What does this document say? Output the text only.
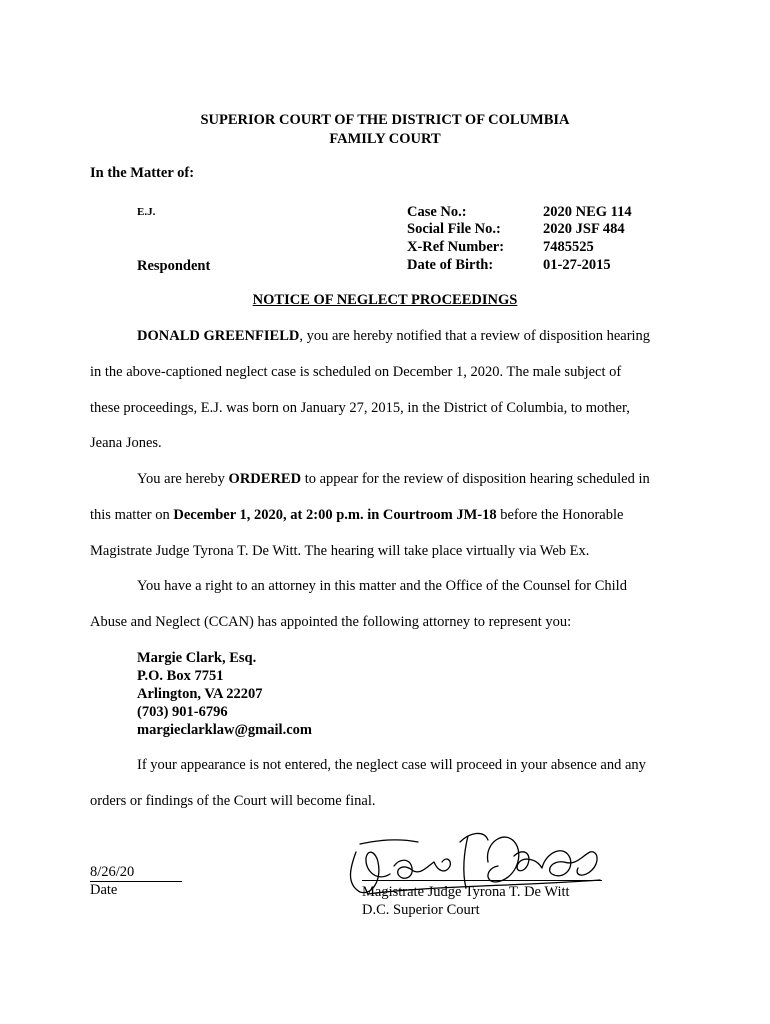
SUPERIOR COURT OF THE DISTRICT OF COLUMBIA
FAMILY COURT
In the Matter of:
E.J.
Respondent
Case No.:	2020 NEG 114
Social File No.:	2020 JSF 484
X-Ref Number:	7485525
Date of Birth:	01-27-2015
NOTICE OF NEGLECT PROCEEDINGS
DONALD GREENFIELD, you are hereby notified that a review of disposition hearing
in the above-captioned neglect case is scheduled on December 1, 2020. The male subject of
these proceedings, E.J. was born on January 27, 2015, in the District of Columbia, to mother,
Jeana Jones.
You are hereby ORDERED to appear for the review of disposition hearing scheduled in
this matter on December 1, 2020, at 2:00 p.m. in Courtroom JM-18 before the Honorable
Magistrate Judge Tyrona T. De Witt. The hearing will take place virtually via Web Ex.
You have a right to an attorney in this matter and the Office of the Counsel for Child
Abuse and Neglect (CCAN) has appointed the following attorney to represent you:
Margie Clark, Esq.
P.O. Box 7751
Arlington, VA 22207
(703) 901-6796
margieclarklaw@gmail.com
If your appearance is not entered, the neglect case will proceed in your absence and any
orders or findings of the Court will become final.
8/26/20
Date	Magistrate Judge Tyrona T. De Witt
D.C. Superior Court
